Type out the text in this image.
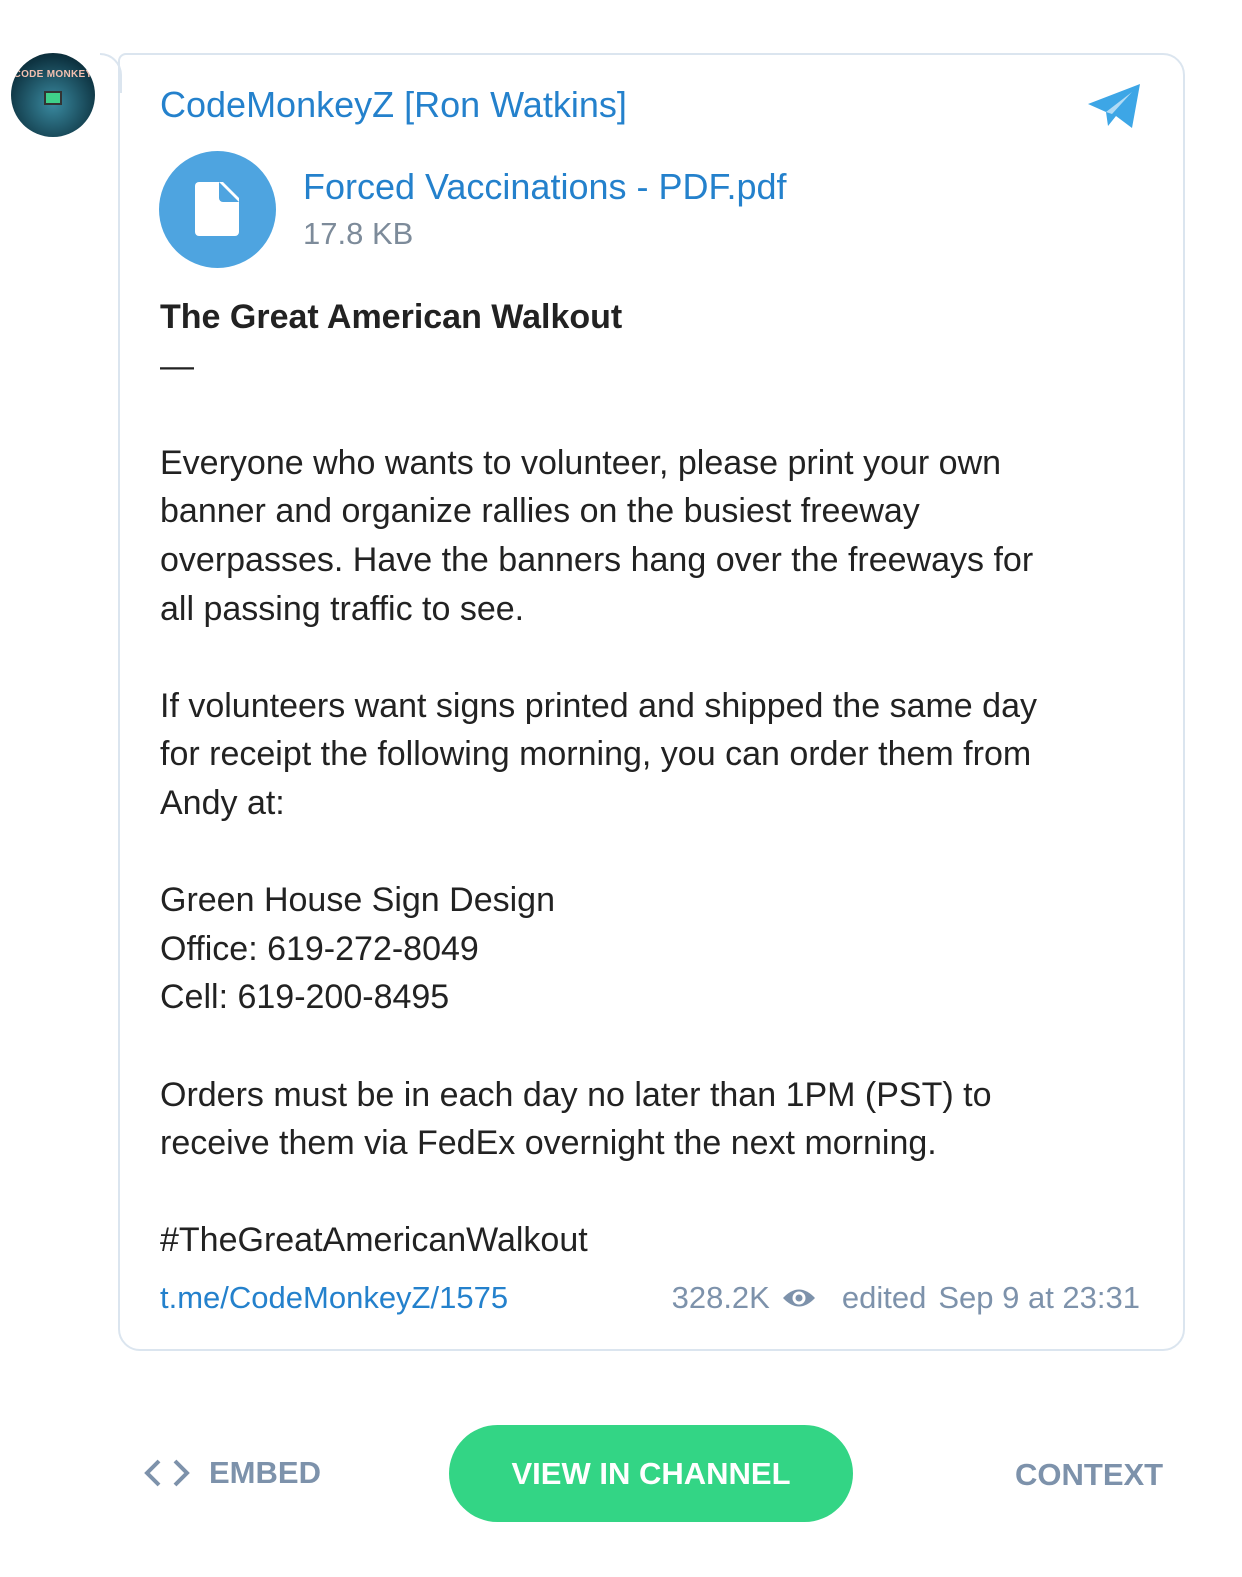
CODE MONKEY
CodeMonkeyZ [Ron Watkins]
Forced Vaccinations - PDF.pdf
17.8 KB
The Great American Walkout
—
Everyone who wants to volunteer, please print your own
banner and organize rallies on the busiest freeway
overpasses. Have the banners hang over the freeways for
all passing traffic to see.
If volunteers want signs printed and shipped the same day
for receipt the following morning, you can order them from
Andy at:
Green House Sign Design
Office: 619-272-8049
Cell: 619-200-8495
Orders must be in each day no later than 1PM (PST) to
receive them via FedEx overnight the next morning.
#TheGreatAmericanWalkout
t.me/CodeMonkeyZ/1575	328.2K edited Sep 9 at 23:31
EMBED	VIEW IN CHANNEL	CONTEXT
